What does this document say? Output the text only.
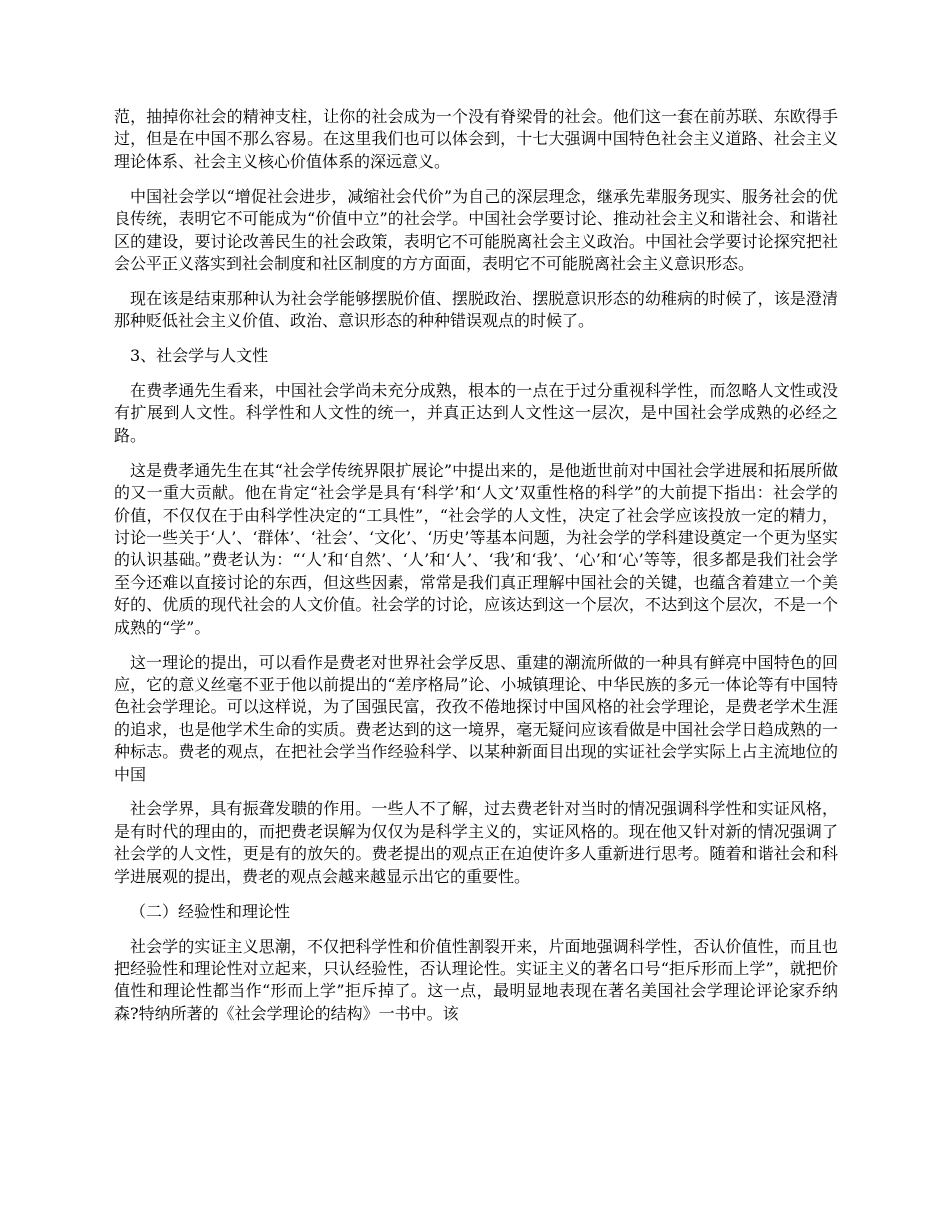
范，抽掉你社会的精神支柱，让你的社会成为一个没有脊梁骨的社会。他们这一套在前苏联、东欧得手过，但是在中国不那么容易。在这里我们也可以体会到，十七大强调中国特色社会主义道路、社会主义理论体系、社会主义核心价值体系的深远意义。

中国社会学以“增促社会进步，减缩社会代价”为自己的深层理念，继承先辈服务现实、服务社会的优良传统，表明它不可能成为“价值中立”的社会学。中国社会学要讨论、推动社会主义和谐社会、和谐社区的建设，要讨论改善民生的社会政策，表明它不可能脱离社会主义政治。中国社会学要讨论探究把社会公平正义落实到社会制度和社区制度的方方面面，表明它不可能脱离社会主义意识形态。

现在该是结束那种认为社会学能够摆脱价值、摆脱政治、摆脱意识形态的幼稚病的时候了，该是澄清那种贬低社会主义价值、政治、意识形态的种种错误观点的时候了。

3、社会学与人文性

在费孝通先生看来，中国社会学尚未充分成熟，根本的一点在于过分重视科学性，而忽略人文性或没有扩展到人文性。科学性和人文性的统一，并真正达到人文性这一层次，是中国社会学成熟的必经之路。

这是费孝通先生在其“社会学传统界限扩展论”中提出来的，是他逝世前对中国社会学进展和拓展所做的又一重大贡献。他在肯定“社会学是具有‘科学’和‘人文’双重性格的科学”的大前提下指出：社会学的价值，不仅仅在于由科学性决定的“工具性”，“社会学的人文性，决定了社会学应该投放一定的精力，讨论一些关于‘人’、‘群体’、‘社会’、‘文化’、‘历史’等基本问题，为社会学的学科建设奠定一个更为坚实的认识基础。”费老认为：“‘人’和‘自然’、‘人’和‘人’、‘我’和‘我’、‘心’和‘心’等等，很多都是我们社会学至今还难以直接讨论的东西，但这些因素，常常是我们真正理解中国社会的关键，也蕴含着建立一个美好的、优质的现代社会的人文价值。社会学的讨论，应该达到这一个层次，不达到这个层次，不是一个成熟的“学”。

这一理论的提出，可以看作是费老对世界社会学反思、重建的潮流所做的一种具有鲜亮中国特色的回应，它的意义丝毫不亚于他以前提出的“差序格局”论、小城镇理论、中华民族的多元一体论等有中国特色社会学理论。可以这样说，为了国强民富，孜孜不倦地探讨中国风格的社会学理论，是费老学术生涯的追求，也是他学术生命的实质。费老达到的这一境界，毫无疑问应该看做是中国社会学日趋成熟的一种标志。费老的观点，在把社会学当作经验科学、以某种新面目出现的实证社会学实际上占主流地位的中国

社会学界，具有振聋发聩的作用。一些人不了解，过去费老针对当时的情况强调科学性和实证风格，是有时代的理由的，而把费老误解为仅仅为是科学主义的，实证风格的。现在他又针对新的情况强调了社会学的人文性，更是有的放矢的。费老提出的观点正在迫使许多人重新进行思考。随着和谐社会和科学进展观的提出，费老的观点会越来越显示出它的重要性。

（二）经验性和理论性

社会学的实证主义思潮，不仅把科学性和价值性割裂开来，片面地强调科学性，否认价值性，而且也把经验性和理论性对立起来，只认经验性，否认理论性。实证主义的著名口号“拒斥形而上学”，就把价值性和理论性都当作“形而上学”拒斥掉了。这一点，最明显地表现在著名美国社会学理论评论家乔纳森?特纳所著的《社会学理论的结构》一书中。该
